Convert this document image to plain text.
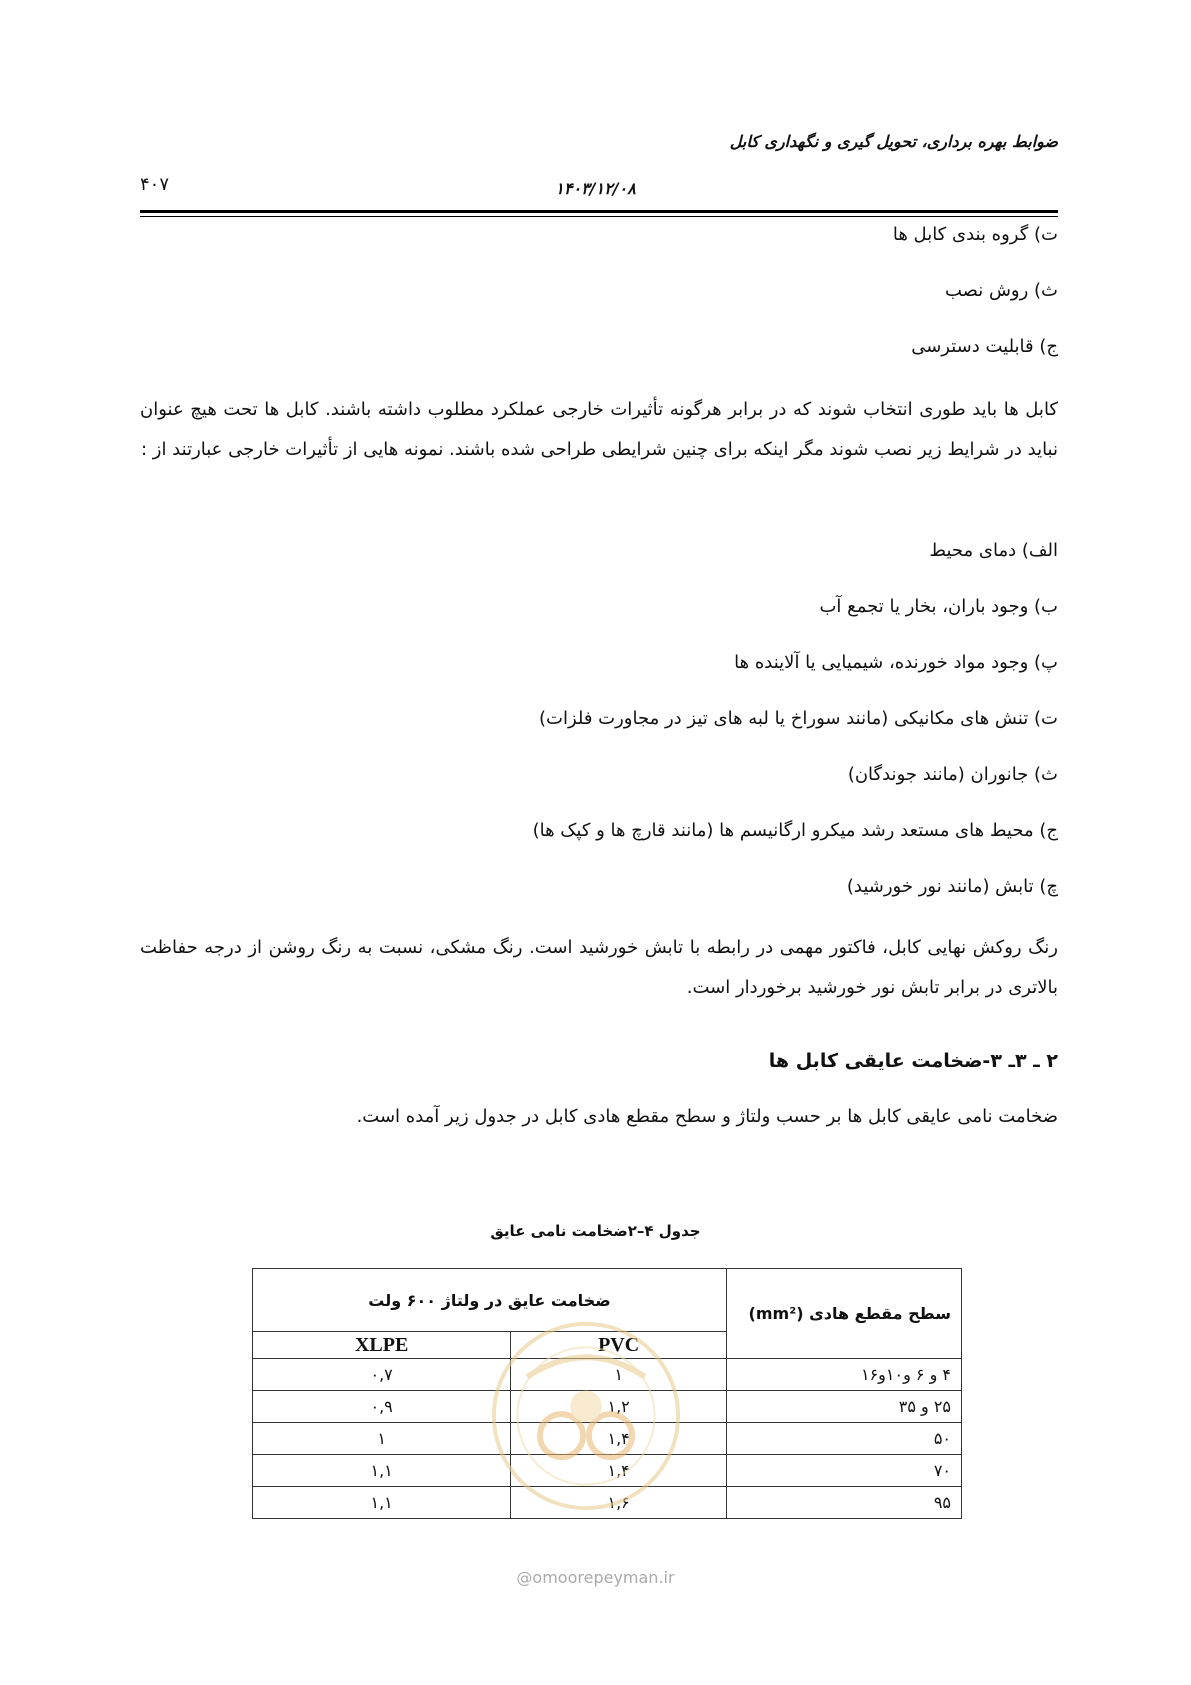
ضوابط بهره برداری، تحویل گیری و نگهداری کابل
۱۴۰۳/۱۲/۰۸
۴۰۷
ت) گروه بندی کابل ها
ث) روش نصب
ج) قابلیت دسترسی
کابل ها باید طوری انتخاب شوند که در برابر هرگونه تأثیرات خارجی عملکرد مطلوب داشته باشند. کابل ها تحت هیچ عنوان نباید در شرایط زیر نصب شوند مگر اینکه برای چنین شرایطی طراحی شده باشند. نمونه هایی از تأثیرات خارجی عبارتند از :
الف) دمای محیط
ب) وجود باران، بخار یا تجمع آب
پ) وجود مواد خورنده، شیمیایی یا آلاینده ها
ت) تنش های مکانیکی (مانند سوراخ یا لبه های تیز در مجاورت فلزات)
ث) جانوران (مانند جوندگان)
ج) محیط های مستعد رشد میکرو ارگانیسم ها (مانند قارچ ها و کپک ها)
چ) تابش (مانند نور خورشید)
رنگ روکش نهایی کابل، فاکتور مهمی در رابطه با تابش خورشید است. رنگ مشکی، نسبت به رنگ روشن از درجه حفاظت بالاتری در برابر تابش نور خورشید برخوردار است.
۲ ـ ۳ـ ۳-ضخامت عایقی کابل ها
ضخامت نامی عایقی کابل ها بر حسب ولتاژ و سطح مقطع هادی کابل در جدول زیر آمده است.
جدول ۴–۲ضخامت نامی عایق
سطح مقطع هادی (mm²)	ضخامت عایق در ولتاژ ۶۰۰ ولت	
	PVC	XLPE
۴ و ۶ و۱۰و۱۶	۱	۰,۷
۲۵ و ۳۵	۱,۲	۰,۹
۵۰	۱,۴	۱
۷۰	۱,۴	۱,۱
۹۵	۱,۶	۱,۱
@omoorepeyman.ir
